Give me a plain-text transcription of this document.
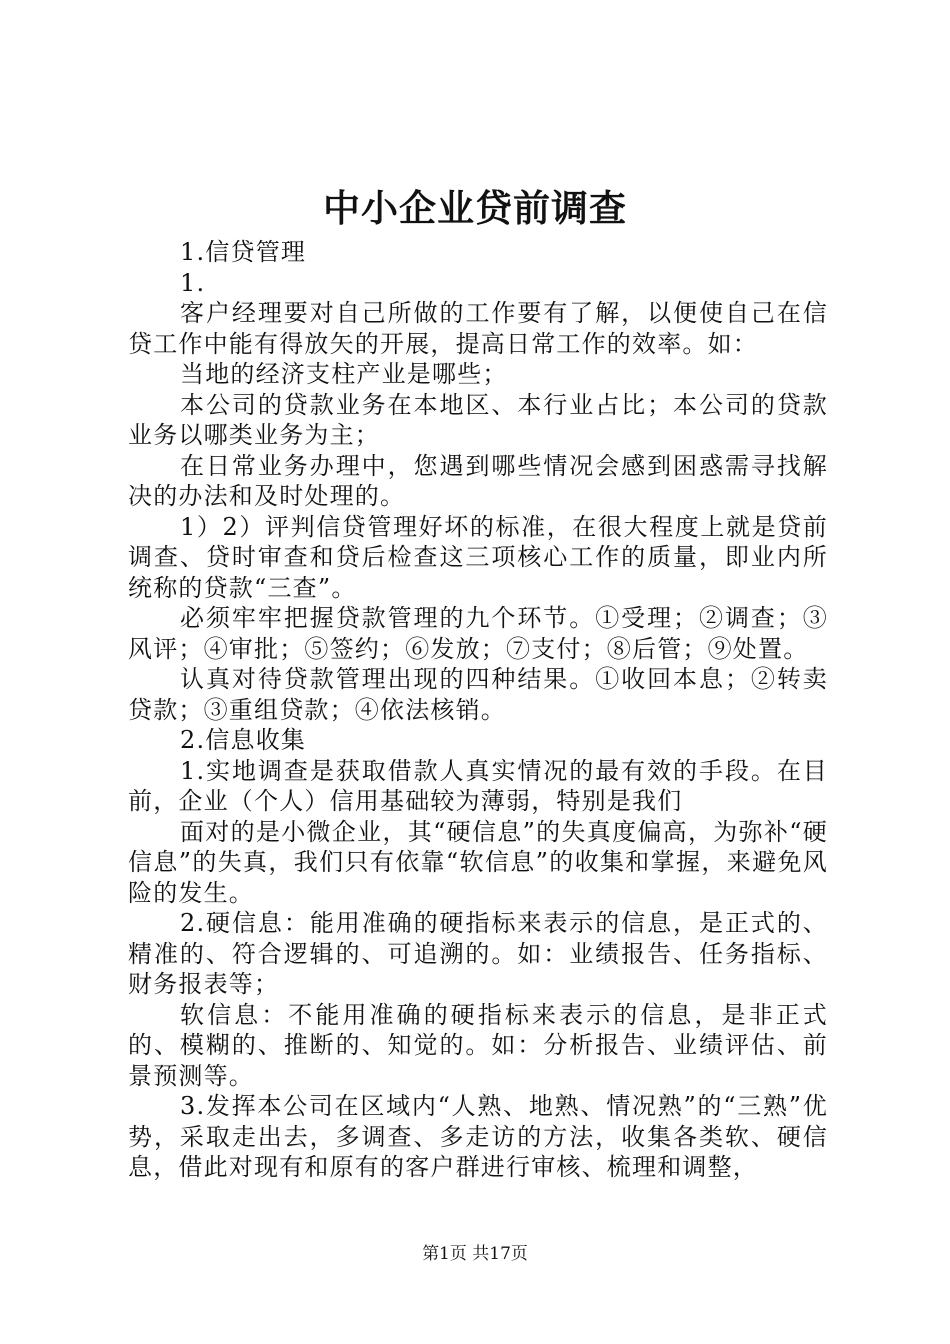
中小企业贷前调查

1.信贷管理

1.

客户经理要对自己所做的工作要有了解，以便使自己在信贷工作中能有得放矢的开展，提高日常工作的效率。如：

当地的经济支柱产业是哪些；

本公司的贷款业务在本地区、本行业占比；本公司的贷款业务以哪类业务为主；

在日常业务办理中，您遇到哪些情况会感到困惑需寻找解决的办法和及时处理的。

1）2）评判信贷管理好坏的标准，在很大程度上就是贷前调查、贷时审查和贷后检查这三项核心工作的质量，即业内所统称的贷款“三查”。

必须牢牢把握贷款管理的九个环节。①受理；②调查；③风评；④审批；⑤签约；⑥发放；⑦支付；⑧后管；⑨处置。

认真对待贷款管理出现的四种结果。①收回本息；②转卖贷款；③重组贷款；④依法核销。

2.信息收集

1.实地调查是获取借款人真实情况的最有效的手段。在目前，企业（个人）信用基础较为薄弱，特别是我们

面对的是小微企业，其“硬信息”的失真度偏高，为弥补“硬信息”的失真，我们只有依靠“软信息”的收集和掌握，来避免风险的发生。

2.硬信息：能用准确的硬指标来表示的信息，是正式的、精准的、符合逻辑的、可追溯的。如：业绩报告、任务指标、财务报表等；

软信息：不能用准确的硬指标来表示的信息，是非正式的、模糊的、推断的、知觉的。如：分析报告、业绩评估、前景预测等。

3.发挥本公司在区域内“人熟、地熟、情况熟”的“三熟”优势，采取走出去，多调查、多走访的方法，收集各类软、硬信息，借此对现有和原有的客户群进行审核、梳理和调整，

第1页 共17页
